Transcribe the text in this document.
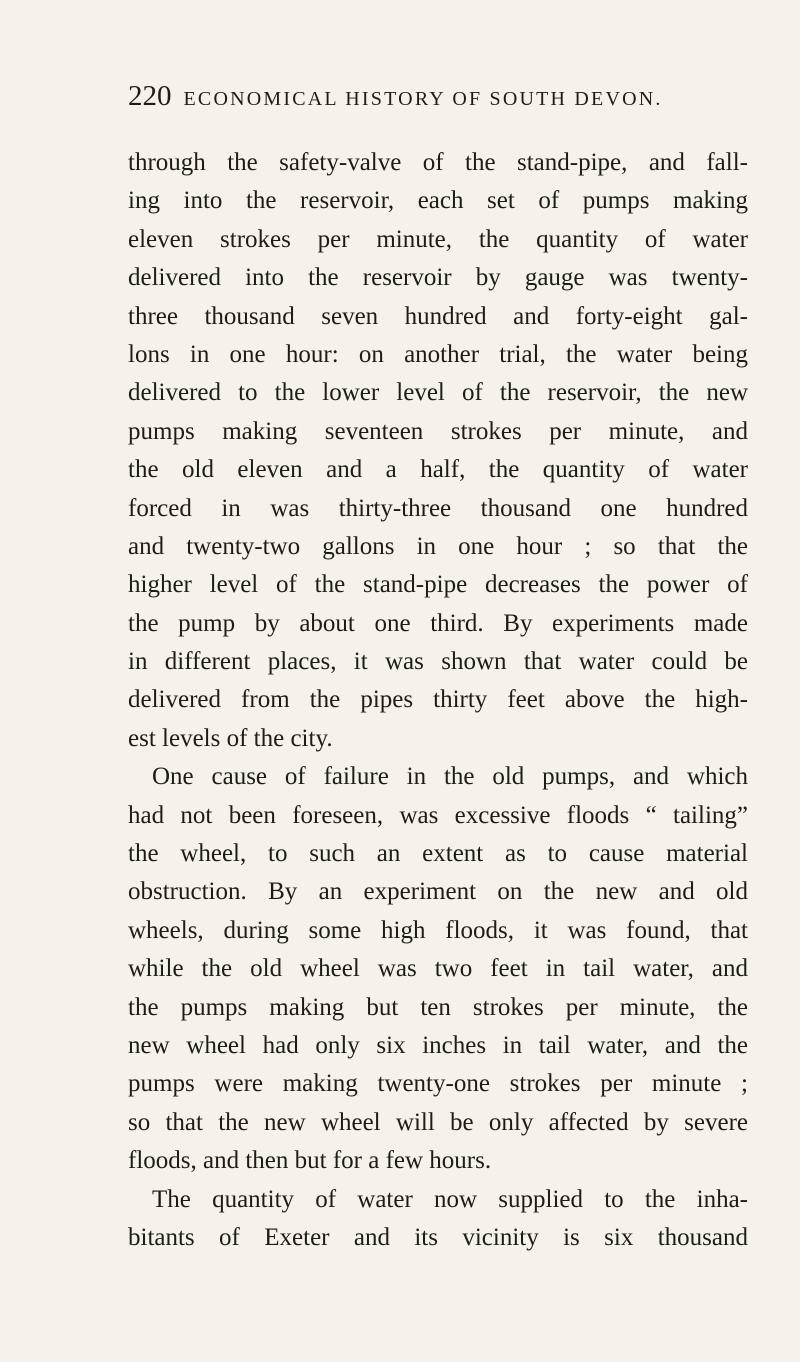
220 ECONOMICAL HISTORY OF SOUTH DEVON.
through the safety-valve of the stand-pipe, and fall-
ing into the reservoir, each set of pumps making
eleven strokes per minute, the quantity of water
delivered into the reservoir by gauge was twenty-
three thousand seven hundred and forty-eight gal-
lons in one hour: on another trial, the water being
delivered to the lower level of the reservoir, the new
pumps making seventeen strokes per minute, and
the old eleven and a half, the quantity of water
forced in was thirty-three thousand one hundred
and twenty-two gallons in one hour ; so that the
higher level of the stand-pipe decreases the power of
the pump by about one third. By experiments made
in different places, it was shown that water could be
delivered from the pipes thirty feet above the high-
est levels of the city.
One cause of failure in the old pumps, and which
had not been foreseen, was excessive floods “ tailing”
the wheel, to such an extent as to cause material
obstruction. By an experiment on the new and old
wheels, during some high floods, it was found, that
while the old wheel was two feet in tail water, and
the pumps making but ten strokes per minute, the
new wheel had only six inches in tail water, and the
pumps were making twenty-one strokes per minute ;
so that the new wheel will be only affected by severe
floods, and then but for a few hours.
The quantity of water now supplied to the inha-
bitants of Exeter and its vicinity is six thousand
